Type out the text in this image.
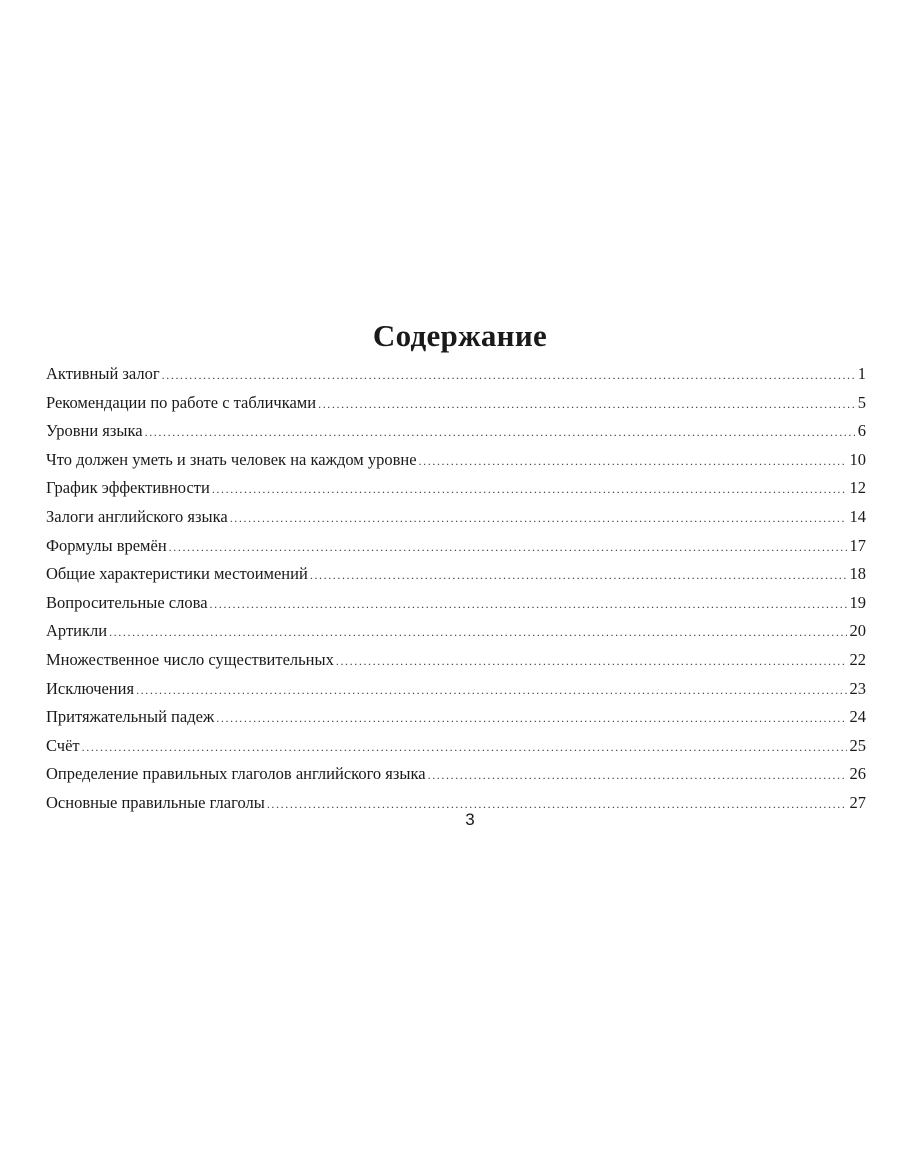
Содержание
Активный залог .....	1
Рекомендации по работе с табличками .....	5
Уровни языка .....	6
Что должен уметь и знать человек на каждом уровне .....	10
График эффективности .....	12
Залоги английского языка .....	14
Формулы времён .....	17
Общие характеристики местоимений .....	18
Вопросительные слова .....	19
Артикли .....	20
Множественное число существительных .....	22
Исключения .....	23
Притяжательный падеж .....	24
Счёт .....	25
Определение правильных глаголов английского языка .....	26
Основные правильные глаголы .....	27

3
